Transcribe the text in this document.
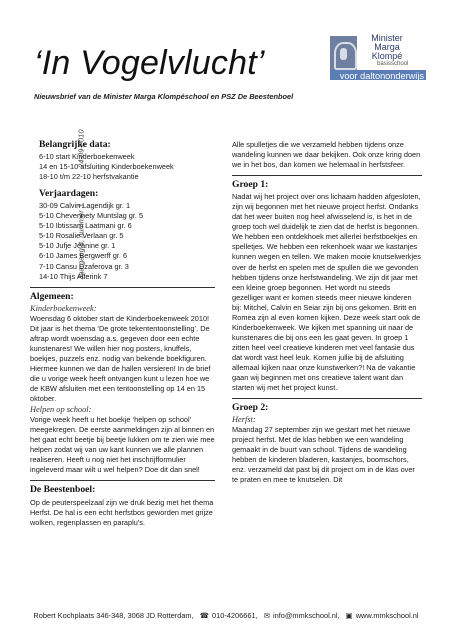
‘In Vogelvlucht’
Nieuwsbrief van de Minister Marga Klompéschool en PSZ De Beestenboel
Minister Marga Klompé
basisschool
voor daltononderwijs
Jaargang 4, nummer 3
24-09-2010
Belangrijke data:
6-10 start Kinderboekenweek
14 en 15-10 afsluiting Kinderboekenweek
18-10 t/m 22-10 herfstvakantie
Verjaardagen:
30-09 Calvin Lagendijk gr. 1
5-10 Chevennety Muntslag gr. 5
5-10 Ibtissam Laatmani gr. 6
5-10 Rosalie Verlaan gr. 5
5-10 Jufje Jeanine gr. 1
6-10 James Bergwerff gr. 6
7-10 Cansu Dzaferova gr. 3
14-10 Thijs Alferink 7
Algemeen:
Kinderboekenweek:

Woensdag 6 oktober start de Kinderboekenweek 2010! Dit jaar is het thema ‘De grote tekententoonstelling’. De aftrap wordt woensdag a.s. gegeven door een echte kunstenares! We willen hier nog posters, knuffels, boekjes, puzzels enz. nodig van bekende boekfiguren. Hiermee kunnen we dan de hallen versieren! In de brief die u vorige week heeft ontvangen kunt u lezen hoe we de KBW afsluiten met een tentoonstelling op 14 en 15 oktober.

Helpen op school:

Vorige week heeft u het boekje ‘helpen op school’ meegekregen. De eerste aanmeldingen zijn al binnen en het gaat echt beetje bij beetje lukken om te zien wie mee helpen zodat wij van uw kant kunnen we alle plannen realiseren. Heeft u nog niet het inschrijfformulier ingeleverd maar wilt u wel helpen? Doe dit dan snel!

De Beestenboel:

Op de peuterspeelzaal zijn we druk bezig met het thema Herfst. De hal is een echt herfstbos geworden met grijze wolken, regenplassen en paraplu’s.

Alle spulletjes die we verzameld hebben tijdens onze wandeling kunnen we daar bekijken. Ook onze kring doen we in het bos, dan komen we helemaal in herfstsfeer.

Groep 1:

Nadat wij het project over ons lichaam hadden afgesloten, zijn wij begonnen met het nieuwe project herfst. Ondanks dat het weer buiten nog heel afwisselend is, is het in de groep toch wel duidelijk te zien dat de herfst is begonnen. We hebben een ontdekhoek met allerlei herfstboekjes en spelletjes. We hebben een rekenhoek waar we kastanjes kunnen wegen en tellen. We maken mooie knutselwerkjes over de herfst en spelen met de spullen die we gevonden hebben tijdens onze herfstwandeling. We zijn dit jaar met een kleine groep begonnen. Het wordt nu steeds gezelliger want er komen steeds meer nieuwe kinderen bij: Mitchel, Calvin en Seiar zijn bij ons gekomen. Britt en Romea zijn al even komen kijken. Deze week start ook de Kinderboekenweek. We kijken met spanning uit naar de kunstenares die bij ons een les gaat geven. In groep 1 zitten heel veel creatieve kinderen met veel fantasie dus dat wordt vast heel leuk. Komen jullie bij de afsluiting allemaal kijken naar onze kunstwerken?! Na de vakantie gaan wij beginnen met ons creatieve talent want dan starten wij met het project kunst.

Groep 2:
Herfst:

Maandag 27 september zijn we gestart met het nieuwe project herfst. Met de klas hebben we een wandeling gemaakt in de buurt van school. Tijdens de wandeling hebben de kinderen bladeren, kastanjes, boomschors, enz. verzameld dat past bij dit project om in de klas over te praten en mee te knutselen. Dit

Robert Kochplaats 346-348, 3068 JD Rotterdam, ☎ 010-4206661, ✉ info@mmkschool.nl, ▣ www.mmkschool.nl
